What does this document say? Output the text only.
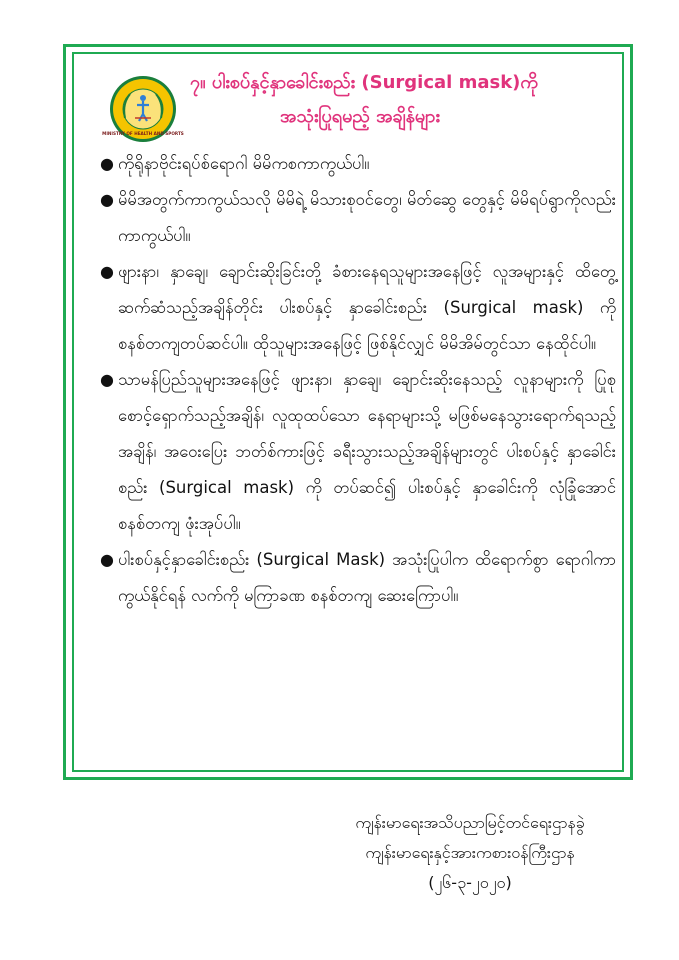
MINISTRY OF HEALTH AND SPORTS
၇။ ပါးစပ်နှင့်နှာခေါင်းစည်း (Surgical mask)ကို
အသုံးပြုရမည့် အချိန်များ
● ကိုရိုနာဗိုင်းရပ်စ်ရောဂါ မိမိကစကာကွယ်ပါ။
● မိမိအတွက်ကာကွယ်သလို မိမိရဲ့ မိသားစုဝင်တွေ၊ မိတ်ဆွေ တွေနှင့် မိမိရပ်ရွာကိုလည်း ကာကွယ်ပါ။
● ဖျားနာ၊ နှာချေ၊ ချောင်းဆိုးခြင်းတို့ ခံစားနေရသူများအနေဖြင့် လူအများနှင့် ထိတွေ့ဆက်ဆံသည့်အချိန်တိုင်း ပါးစပ်နှင့် နှာခေါင်းစည်း (Surgical mask) ကို စနစ်တကျတပ်ဆင်ပါ။ ထိုသူများအနေဖြင့် ဖြစ်နိုင်လျှင် မိမိအိမ်တွင်သာ နေထိုင်ပါ။
● သာမန်ပြည်သူများအနေဖြင့် ဖျားနာ၊ နှာချေ၊ ချောင်းဆိုးနေသည့် လူနာများကို ပြုစုစောင့်ရှောက်သည့်အချိန်၊ လူထုထပ်သော နေရာများသို့ မဖြစ်မနေသွားရောက်ရသည့်အချိန်၊ အဝေးပြေး ဘတ်စ်ကားဖြင့် ခရီးသွားသည့်အချိန်များတွင် ပါးစပ်နှင့် နှာခေါင်းစည်း (Surgical mask) ကို တပ်ဆင်၍ ပါးစပ်နှင့် နှာခေါင်းကို လုံခြုံအောင် စနစ်တကျ ဖုံးအုပ်ပါ။
● ပါးစပ်နှင့်နှာခေါင်းစည်း (Surgical Mask) အသုံးပြုပါက ထိရောက်စွာ ရောဂါကာကွယ်နိုင်ရန် လက်ကို မကြာခဏ စနစ်တကျ ဆေးကြောပါ။
ကျန်းမာရေးအသိပညာမြင့်တင်ရေးဌာနခွဲ
ကျန်းမာရေးနှင့်အားကစားဝန်ကြီးဌာန
(၂၆-၃-၂၀၂၀)
